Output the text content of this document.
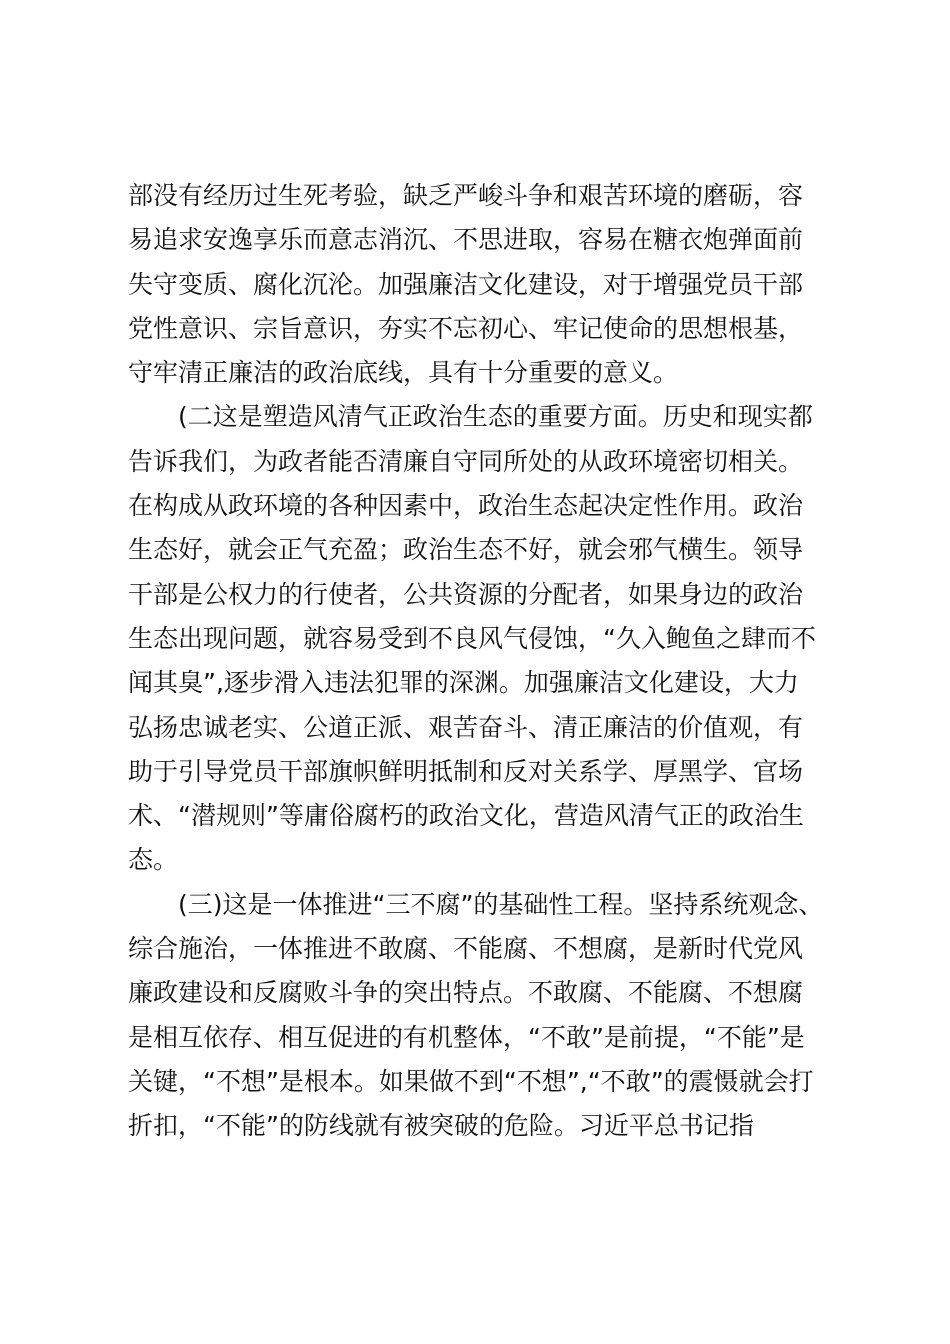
部没有经历过生死考验，缺乏严峻斗争和艰苦环境的磨砺，容
易追求安逸享乐而意志消沉、不思进取，容易在糖衣炮弹面前
失守变质、腐化沉沦。加强廉洁文化建设，对于增强党员干部
党性意识、宗旨意识，夯实不忘初心、牢记使命的思想根基，
守牢清正廉洁的政治底线，具有十分重要的意义。
(二这是塑造风清气正政治生态的重要方面。历史和现实都
告诉我们，为政者能否清廉自守同所处的从政环境密切相关。
在构成从政环境的各种因素中，政治生态起决定性作用。政治
生态好，就会正气充盈；政治生态不好，就会邪气横生。领导
干部是公权力的行使者，公共资源的分配者，如果身边的政治
生态出现问题，就容易受到不良风气侵蚀，“久入鲍鱼之肆而不
闻其臭”,逐步滑入违法犯罪的深渊。加强廉洁文化建设，大力
弘扬忠诚老实、公道正派、艰苦奋斗、清正廉洁的价值观，有
助于引导党员干部旗帜鲜明抵制和反对关系学、厚黑学、官场
术、“潜规则”等庸俗腐朽的政治文化，营造风清气正的政治生
态。
(三)这是一体推进“三不腐”的基础性工程。坚持系统观念、
综合施治，一体推进不敢腐、不能腐、不想腐，是新时代党风
廉政建设和反腐败斗争的突出特点。不敢腐、不能腐、不想腐
是相互依存、相互促进的有机整体，“不敢”是前提，“不能”是
关键，“不想”是根本。如果做不到“不想”,“不敢”的震慑就会打
折扣，“不能”的防线就有被突破的危险。习近平总书记指
